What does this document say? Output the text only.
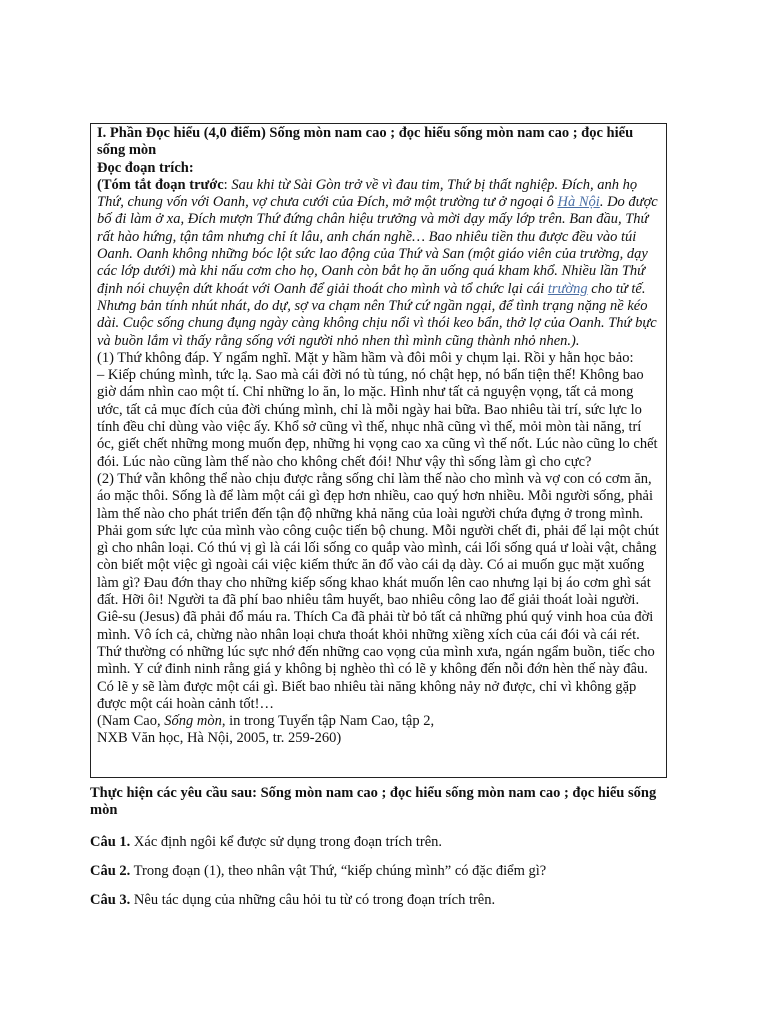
I. Phần Đọc hiểu (4,0 điểm) Sống mòn nam cao ; đọc hiểu sống mòn nam cao ; đọc hiểu sống mòn

Đọc đoạn trích:

(Tóm tắt đoạn trước: Sau khi từ Sài Gòn trở về vì đau tim, Thứ bị thất nghiệp. Đích, anh họ Thứ, chung vốn với Oanh, vợ chưa cưới của Đích, mở một trường tư ở ngoại ô Hà Nội. Do được bố đi làm ở xa, Đích mượn Thứ đứng chân hiệu trưởng và mời dạy mấy lớp trên. Ban đầu, Thứ rất hào hứng, tận tâm nhưng chỉ ít lâu, anh chán nghề… Bao nhiêu tiền thu được đều vào túi Oanh. Oanh không những bóc lột sức lao động của Thứ và San (một giáo viên của trường, dạy các lớp dưới) mà khi nấu cơm cho họ, Oanh còn bắt họ ăn uống quá kham khổ. Nhiều lần Thứ định nói chuyện dứt khoát với Oanh để giải thoát cho mình và tổ chức lại cái trường cho tử tế. Nhưng bản tính nhút nhát, do dự, sợ va chạm nên Thứ cứ ngần ngại, để tình trạng nặng nề kéo dài. Cuộc sống chung đụng ngày càng không chịu nổi vì thói keo bẩn, thở lợ của Oanh. Thứ bực và buồn lắm vì thấy rằng sống với người nhỏ nhen thì mình cũng thành nhỏ nhen.).

(1) Thứ không đáp. Y ngẩm nghĩ. Mặt y hầm hầm và đôi môi y chụm lại. Rồi y hằn học bảo:

– Kiếp chúng mình, tức lạ. Sao mà cái đời nó tù túng, nó chật hẹp, nó bẩn tiện thế! Không bao giờ dám nhìn cao một tí. Chỉ những lo ăn, lo mặc. Hình như tất cả nguyện vọng, tất cả mong ước, tất cả mục đích của đời chúng mình, chỉ là mỗi ngày hai bữa. Bao nhiêu tài trí, sức lực lo tính đều chỉ dùng vào việc ấy. Khổ sở cũng vì thế, nhục nhã cũng vì thế, mỏi mòn tài năng, trí óc, giết chết những mong muốn đẹp, những hi vọng cao xa cũng vì thế nốt. Lúc nào cũng lo chết đói. Lúc nào cũng làm thế nào cho không chết đói! Như vậy thì sống làm gì cho cực?

(2) Thứ vẫn không thể nào chịu được rằng sống chỉ làm thế nào cho mình và vợ con có cơm ăn, áo mặc thôi. Sống là để làm một cái gì đẹp hơn nhiều, cao quý hơn nhiều. Mỗi người sống, phải làm thế nào cho phát triển đến tận độ những khả năng của loài người chứa đựng ở trong mình. Phải gom sức lực của mình vào công cuộc tiến bộ chung. Mỗi người chết đi, phải để lại một chút gì cho nhân loại. Có thú vị gì là cái lối sống co quắp vào mình, cái lối sống quá ư loài vật, chẳng còn biết một việc gì ngoài cái việc kiếm thức ăn đổ vào cái dạ dày. Có ai muốn gục mặt xuống làm gì? Đau đớn thay cho những kiếp sống khao khát muốn lên cao nhưng lại bị áo cơm ghì sát đất. Hỡi ôi! Người ta đã phí bao nhiêu tâm huyết, bao nhiêu công lao để giải thoát loài người. Giê-su (Jesus) đã phải đổ máu ra. Thích Ca đã phải từ bỏ tất cả những phú quý vinh hoa của đời mình. Vô ích cả, chừng nào nhân loại chưa thoát khỏi những xiềng xích của cái đói và cái rét. Thứ thường có những lúc sực nhớ đến những cao vọng của mình xưa, ngán ngẩm buồn, tiếc cho mình. Y cứ đinh ninh rằng giá y không bị nghèo thì có lẽ y không đến nỗi đớn hèn thế này đâu. Có lẽ y sẽ làm được một cái gì. Biết bao nhiêu tài năng không nảy nở được, chỉ vì không gặp được một cái hoàn cảnh tốt!…

(Nam Cao, Sống mòn, in trong Tuyển tập Nam Cao, tập 2,

NXB Văn học, Hà Nội, 2005, tr. 259-260)

Thực hiện các yêu cầu sau: Sống mòn nam cao ; đọc hiểu sống mòn nam cao ; đọc hiểu sống mòn

Câu 1. Xác định ngôi kể được sử dụng trong đoạn trích trên.

Câu 2. Trong đoạn (1), theo nhân vật Thứ, “kiếp chúng mình” có đặc điểm gì?

Câu 3. Nêu tác dụng của những câu hỏi tu từ có trong đoạn trích trên.
